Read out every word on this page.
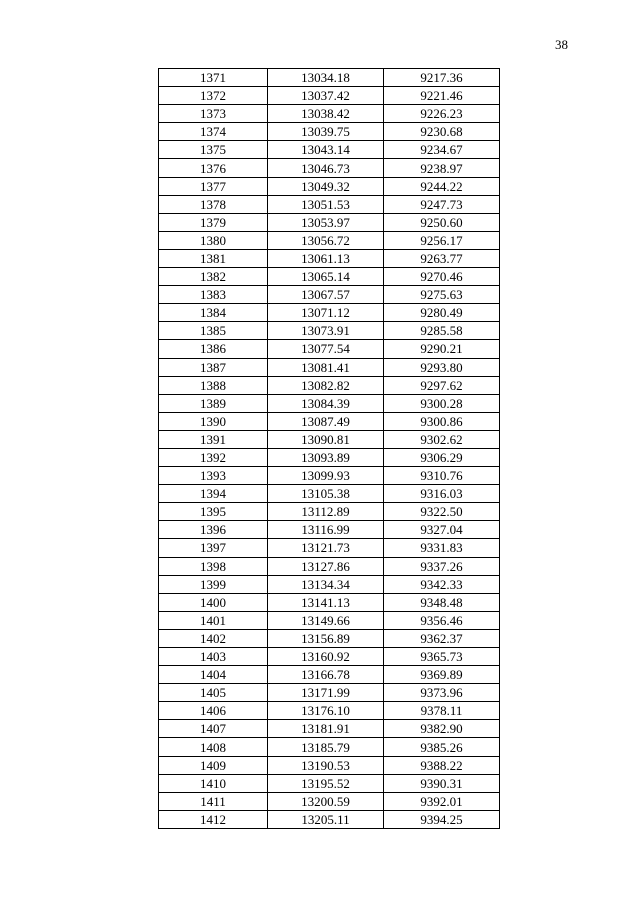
38
1371	13034.18	9217.36
1372	13037.42	9221.46
1373	13038.42	9226.23
1374	13039.75	9230.68
1375	13043.14	9234.67
1376	13046.73	9238.97
1377	13049.32	9244.22
1378	13051.53	9247.73
1379	13053.97	9250.60
1380	13056.72	9256.17
1381	13061.13	9263.77
1382	13065.14	9270.46
1383	13067.57	9275.63
1384	13071.12	9280.49
1385	13073.91	9285.58
1386	13077.54	9290.21
1387	13081.41	9293.80
1388	13082.82	9297.62
1389	13084.39	9300.28
1390	13087.49	9300.86
1391	13090.81	9302.62
1392	13093.89	9306.29
1393	13099.93	9310.76
1394	13105.38	9316.03
1395	13112.89	9322.50
1396	13116.99	9327.04
1397	13121.73	9331.83
1398	13127.86	9337.26
1399	13134.34	9342.33
1400	13141.13	9348.48
1401	13149.66	9356.46
1402	13156.89	9362.37
1403	13160.92	9365.73
1404	13166.78	9369.89
1405	13171.99	9373.96
1406	13176.10	9378.11
1407	13181.91	9382.90
1408	13185.79	9385.26
1409	13190.53	9388.22
1410	13195.52	9390.31
1411	13200.59	9392.01
1412	13205.11	9394.25
